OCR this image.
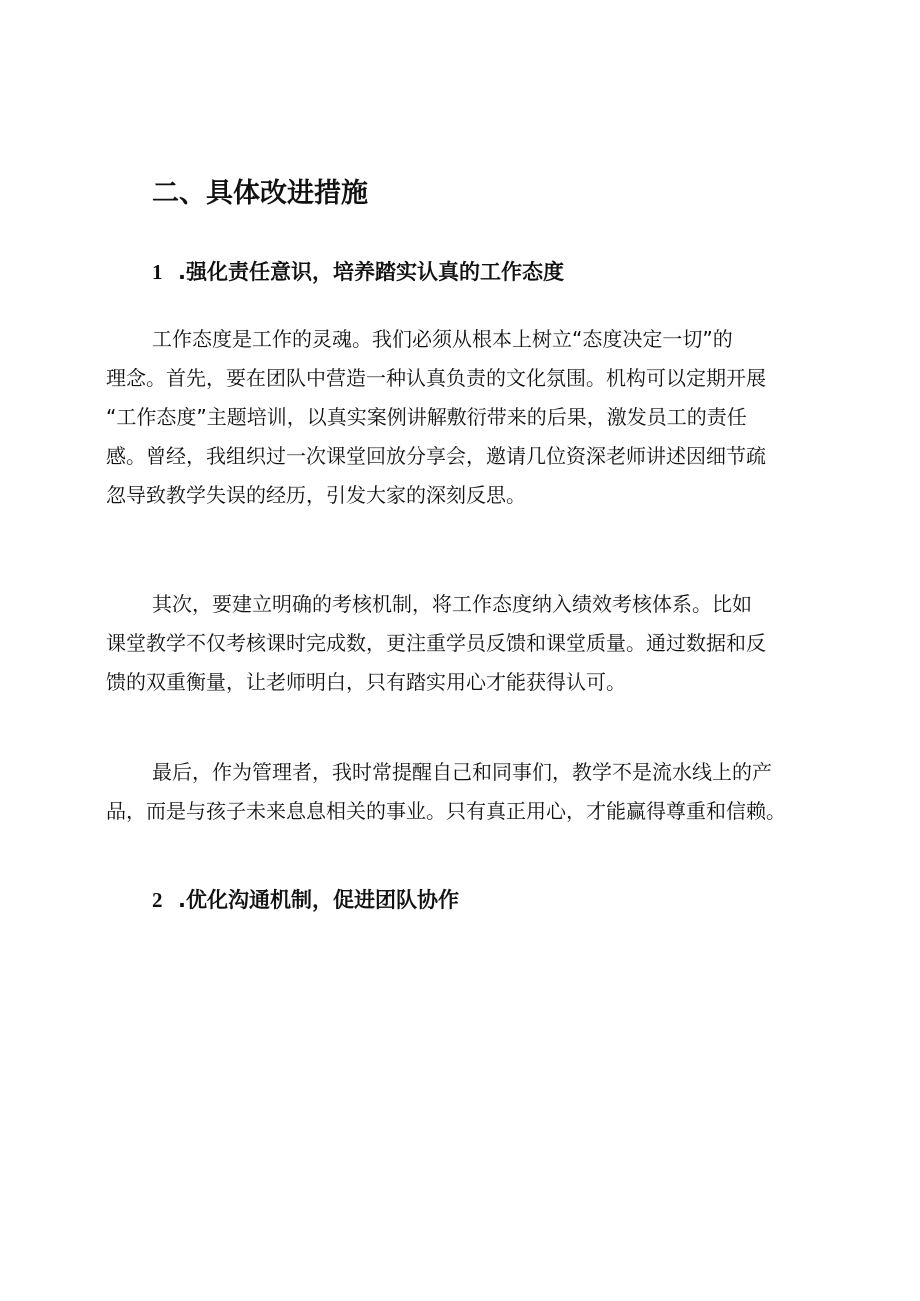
二、具体改进措施
1 .强化责任意识，培养踏实认真的工作态度
工作态度是工作的灵魂。我们必须从根本上树立“态度决定一切”的
理念。首先，要在团队中营造一种认真负责的文化氛围。机构可以定期开展
“工作态度”主题培训，以真实案例讲解敷衍带来的后果，激发员工的责任
感。曾经，我组织过一次课堂回放分享会，邀请几位资深老师讲述因细节疏
忽导致教学失误的经历，引发大家的深刻反思。
其次，要建立明确的考核机制，将工作态度纳入绩效考核体系。比如
课堂教学不仅考核课时完成数，更注重学员反馈和课堂质量。通过数据和反
馈的双重衡量，让老师明白，只有踏实用心才能获得认可。
最后，作为管理者，我时常提醒自己和同事们，教学不是流水线上的产
品，而是与孩子未来息息相关的事业。只有真正用心，才能赢得尊重和信赖。
2 .优化沟通机制，促进团队协作
